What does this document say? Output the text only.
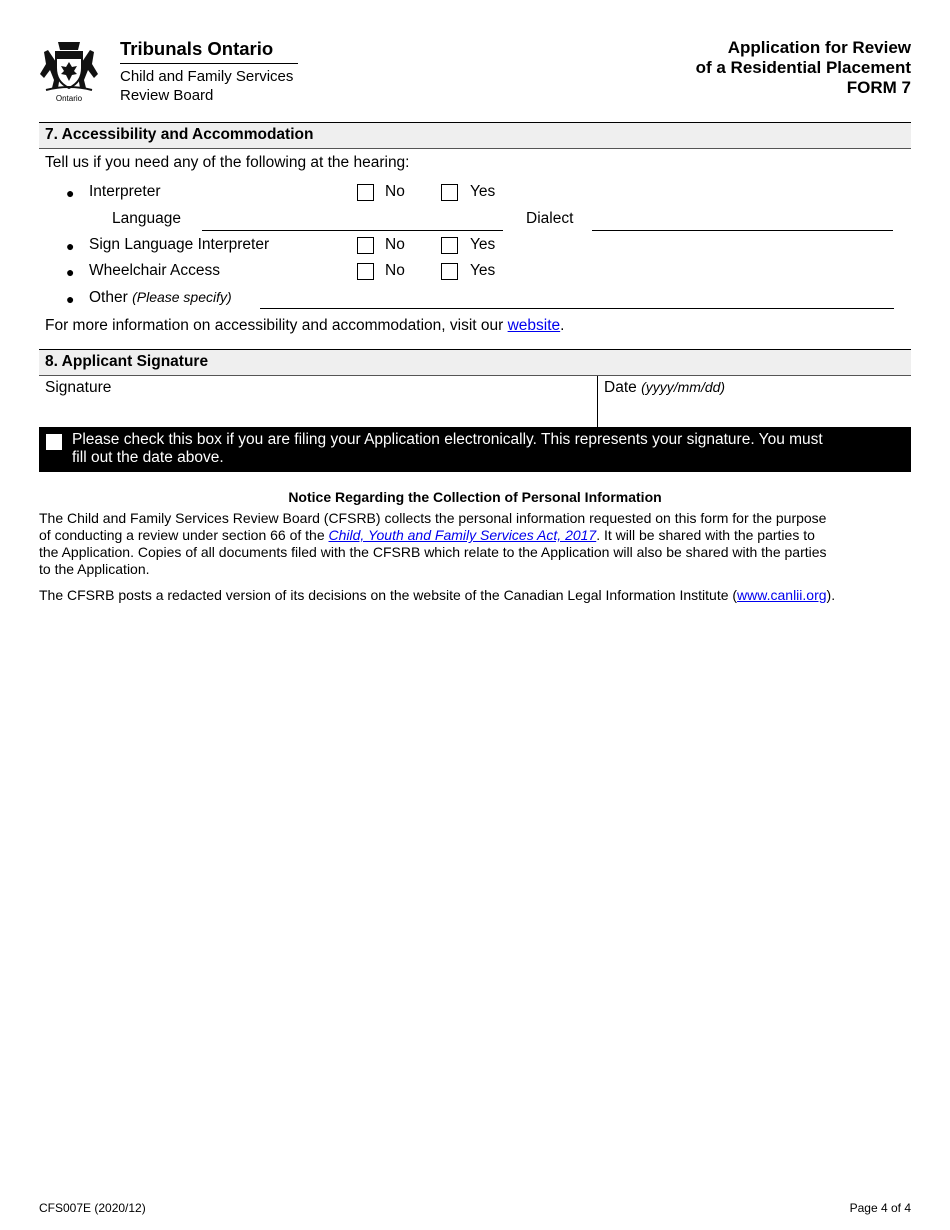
Ontario
Tribunals Ontario
Child and Family Services
Review Board
Application for Review
of a Residential Placement
FORM 7
7. Accessibility and Accommodation
Tell us if you need any of the following at the hearing:
● Interpreter	No	Yes
Language	Dialect
● Sign Language Interpreter	No	Yes
● Wheelchair Access	No	Yes
● Other (Please specify)
For more information on accessibility and accommodation, visit our website.
8. Applicant Signature
Signature	Date (yyyy/mm/dd)
Please check this box if you are filing your Application electronically. This represents your signature. You must
fill out the date above.
Notice Regarding the Collection of Personal Information
The Child and Family Services Review Board (CFSRB) collects the personal information requested on this form for the purpose
of conducting a review under section 66 of the Child, Youth and Family Services Act, 2017. It will be shared with the parties to
the Application. Copies of all documents filed with the CFSRB which relate to the Application will also be shared with the parties
to the Application.
The CFSRB posts a redacted version of its decisions on the website of the Canadian Legal Information Institute (www.canlii.org).
CFS007E (2020/12)	Page 4 of 4
